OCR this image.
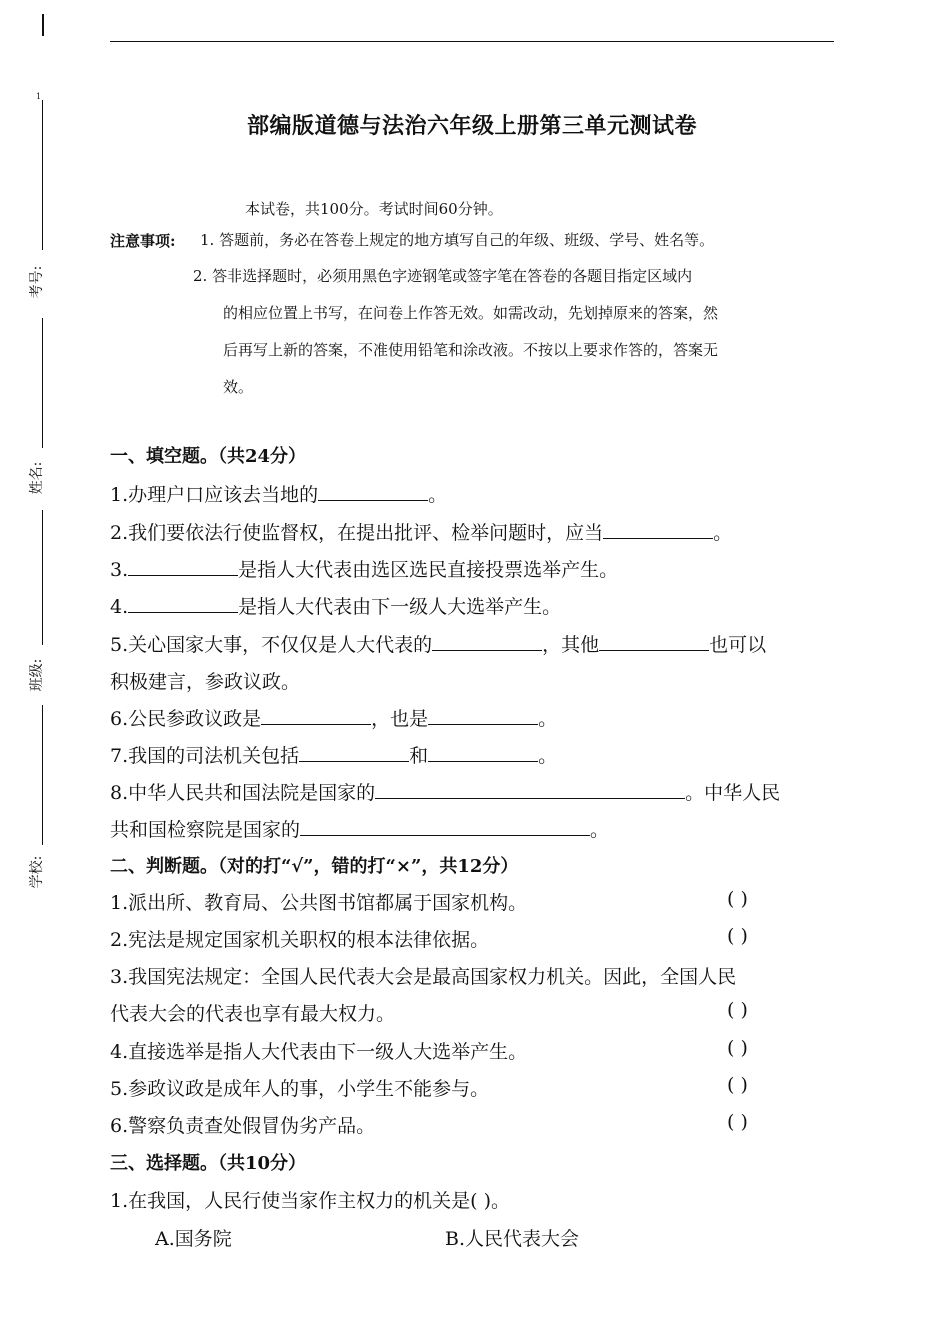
1
考号:
姓名:
班级:
学校:
部编版道德与法治六年级上册第三单元测试卷
本试卷，共100分。考试时间60分钟。
注意事项: 1. 答题前，务必在答卷上规定的地方填写自己的年级、班级、学号、姓名等。
2. 答非选择题时，必须用黑色字迹钢笔或签字笔在答卷的各题目指定区域内
的相应位置上书写，在问卷上作答无效。如需改动，先划掉原来的答案，然
后再写上新的答案，不准使用铅笔和涂改液。不按以上要求作答的，答案无
效。
一、填空题。（共24分）
1.办理户口应该去当地的	。
2.我们要依法行使监督权，在提出批评、检举问题时，应当	。
3.	是指人大代表由选区选民直接投票选举产生。
4.	是指人大代表由下一级人大选举产生。
5.关心国家大事，不仅仅是人大代表的	，其他	也可以
积极建言，参政议政。
6.公民参政议政是	，也是	。
7.我国的司法机关包括	和	。
8.中华人民共和国法院是国家的	。中华人民
共和国检察院是国家的	。
二、判断题。（对的打“√”，错的打“×”，共12分）
1.派出所、教育局、公共图书馆都属于国家机构。	( )
2.宪法是规定国家机关职权的根本法律依据。	( )
3.我国宪法规定：全国人民代表大会是最高国家权力机关。因此，全国人民
代表大会的代表也享有最大权力。	( )
4.直接选举是指人大代表由下一级人大选举产生。	( )
5.参政议政是成年人的事，小学生不能参与。	( )
6.警察负责查处假冒伪劣产品。	( )
三、选择题。（共10分）
1.在我国，人民行使当家作主权力的机关是( )。
A.国务院	B.人民代表大会
